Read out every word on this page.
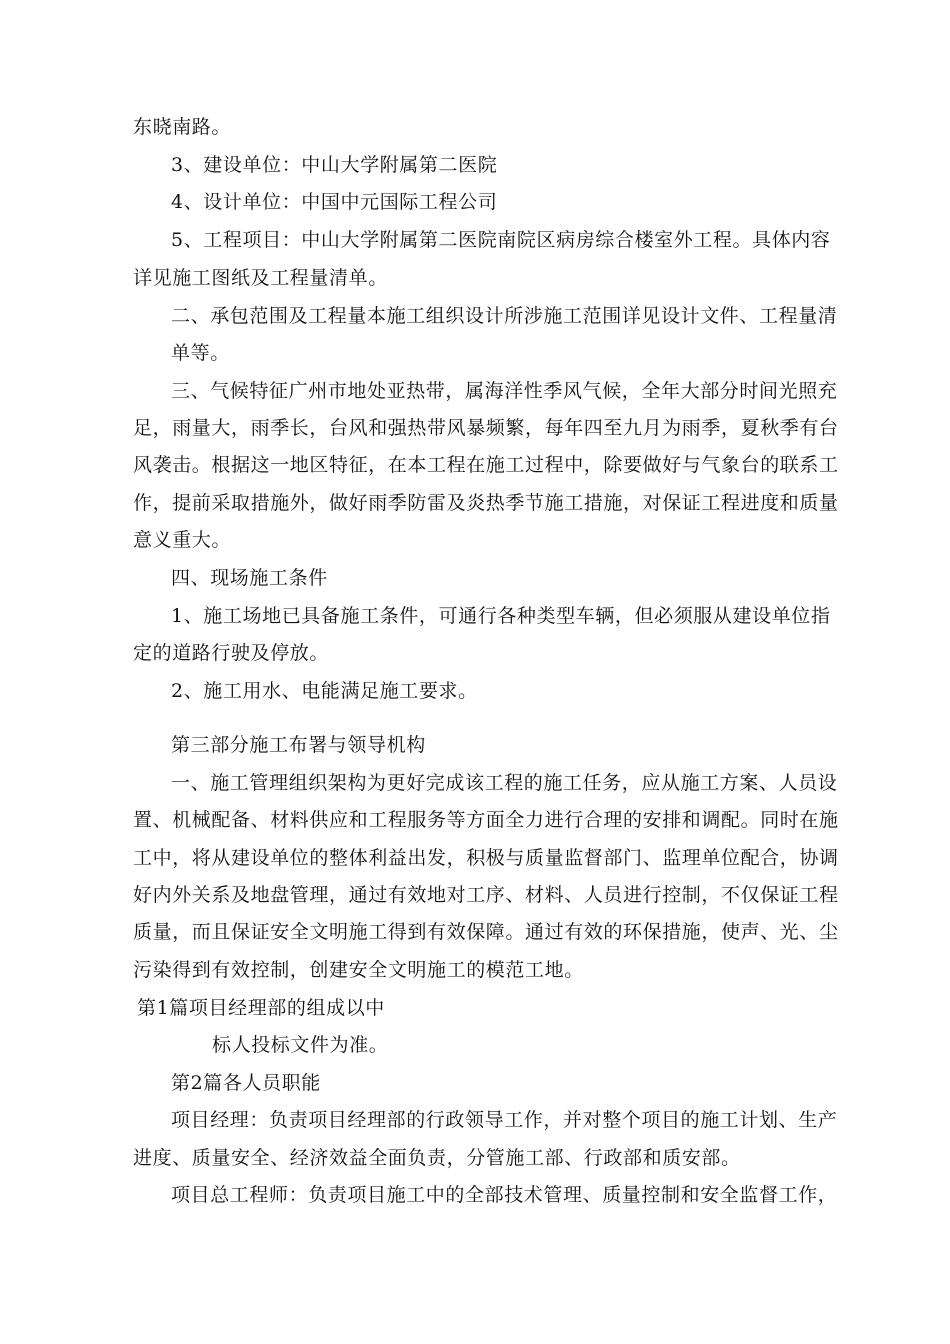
东晓南路。
3、建设单位：中山大学附属第二医院
4、设计单位：中国中元国际工程公司
5、工程项目：中山大学附属第二医院南院区病房综合楼室外工程。具体内容
详见施工图纸及工程量清单。
二、承包范围及工程量本施工组织设计所涉施工范围详见设计文件、工程量清
单等。
三、气候特征广州市地处亚热带，属海洋性季风气候，全年大部分时间光照充
足，雨量大，雨季长，台风和强热带风暴频繁，每年四至九月为雨季，夏秋季有台
风袭击。根据这一地区特征，在本工程在施工过程中，除要做好与气象台的联系工
作，提前采取措施外，做好雨季防雷及炎热季节施工措施，对保证工程进度和质量
意义重大。
四、现场施工条件
1、施工场地已具备施工条件，可通行各种类型车辆，但必须服从建设单位指
定的道路行驶及停放。
2、施工用水、电能满足施工要求。
第三部分施工布署与领导机构
一、施工管理组织架构为更好完成该工程的施工任务，应从施工方案、人员设
置、机械配备、材料供应和工程服务等方面全力进行合理的安排和调配。同时在施
工中，将从建设单位的整体利益出发，积极与质量监督部门、监理单位配合，协调
好内外关系及地盘管理，通过有效地对工序、材料、人员进行控制，不仅保证工程
质量，而且保证安全文明施工得到有效保障。通过有效的环保措施，使声、光、尘
污染得到有效控制，创建安全文明施工的模范工地。
第1篇项目经理部的组成以中
标人投标文件为准。
第2篇各人员职能
项目经理：负责项目经理部的行政领导工作，并对整个项目的施工计划、生产
进度、质量安全、经济效益全面负责，分管施工部、行政部和质安部。
项目总工程师：负责项目施工中的全部技术管理、质量控制和安全监督工作，
